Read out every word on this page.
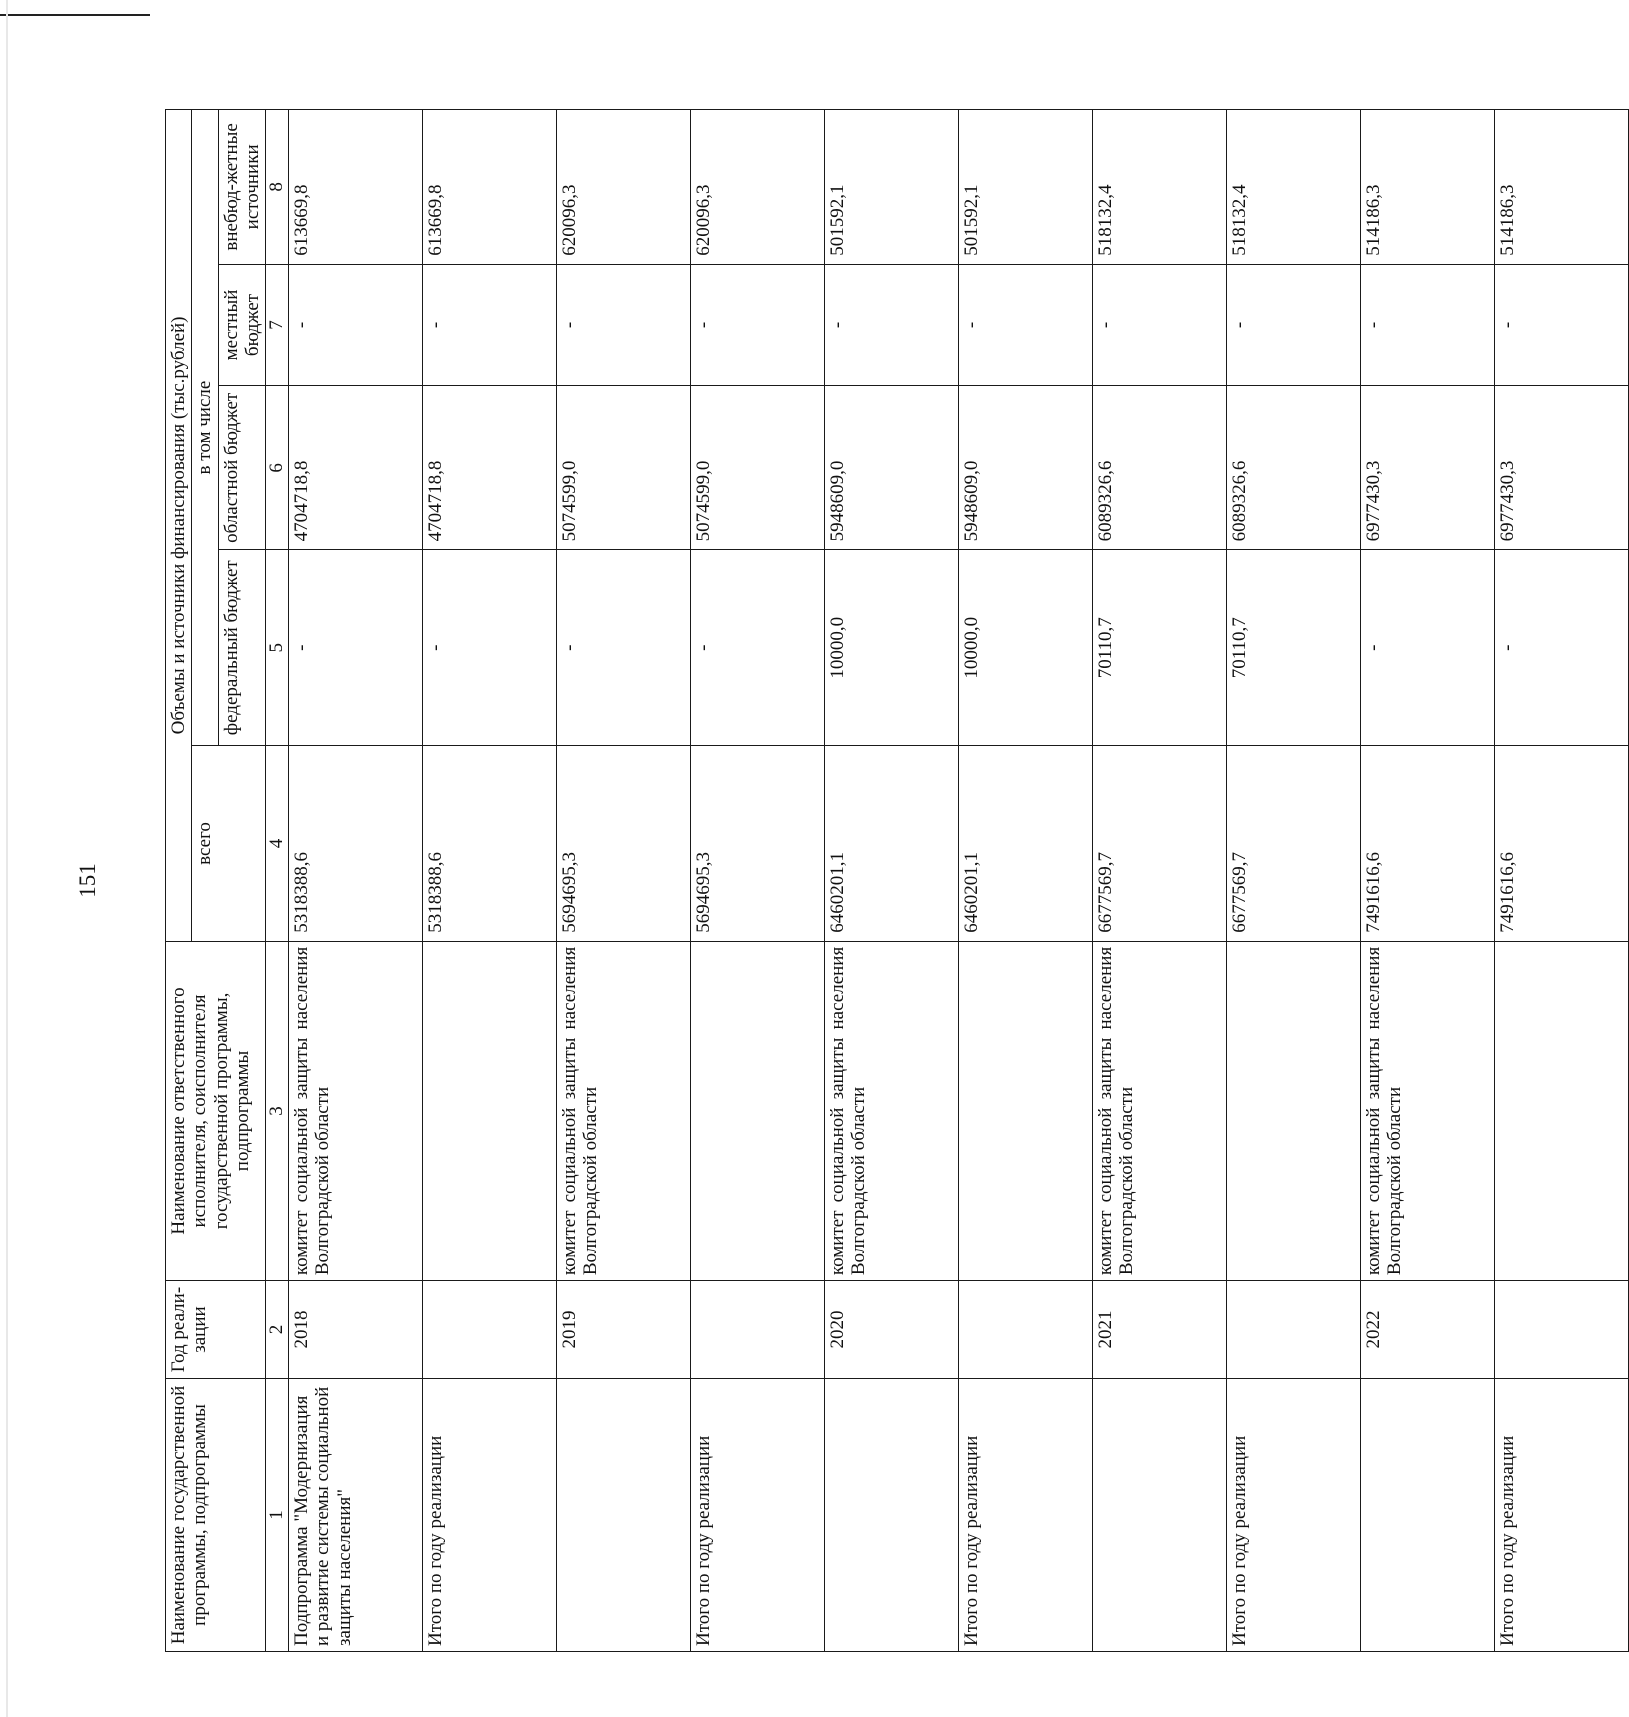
151
Наименование государственной программы, подпрограммы	Год реали-зации	Наименование ответственного исполнителя, соисполнителя государственной программы, подпрограммы	Объемы и источники финансирования (тыс.рублей)				
			всего	в том числе			
				федеральный бюджет	областной бюджет	местный бюджет	внебюд-жетные источники
1	2	3	4	5	6	7	8
Подпрограмма "Модернизация и развитие системы социальной защиты населения"	2018	комитет социальной защиты населения Волгоградской области	5318388,6	-	4704718,8	-	613669,8
Итого по году реализации			5318388,6	-	4704718,8	-	613669,8
	2019	комитет социальной защиты населения Волгоградской области	5694695,3	-	5074599,0	-	620096,3
Итого по году реализации			5694695,3	-	5074599,0	-	620096,3
	2020	комитет социальной защиты населения Волгоградской области	6460201,1	10000,0	5948609,0	-	501592,1
Итого по году реализации			6460201,1	10000,0	5948609,0	-	501592,1
	2021	комитет социальной защиты населения Волгоградской области	6677569,7	70110,7	6089326,6	-	518132,4
Итого по году реализации			6677569,7	70110,7	6089326,6	-	518132,4
	2022	комитет социальной защиты населения Волгоградской области	7491616,6	-	6977430,3	-	514186,3
Итого по году реализации			7491616,6	-	6977430,3	-	514186,3
